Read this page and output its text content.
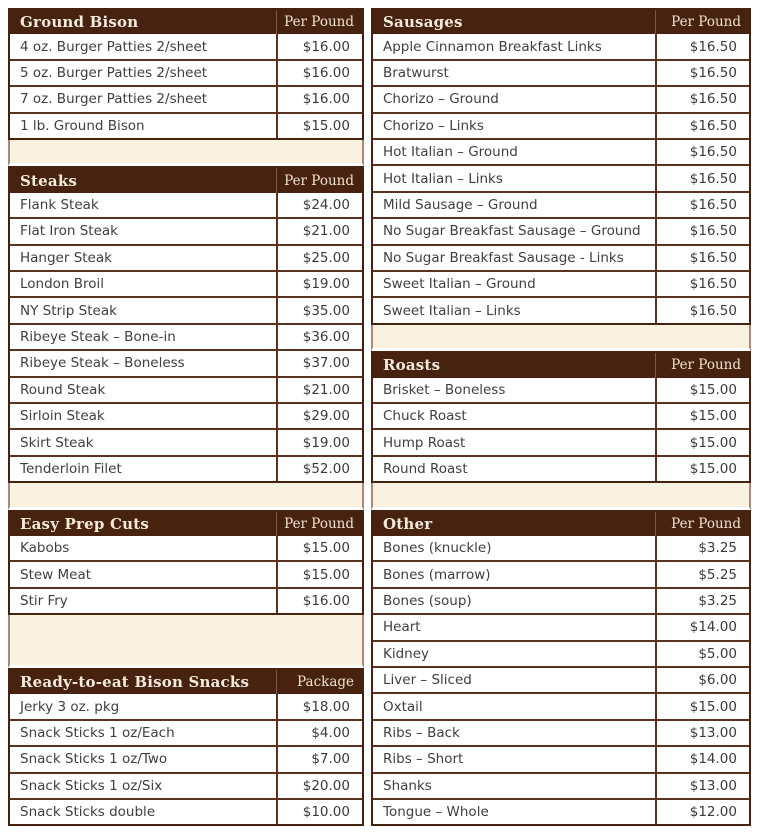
Ground Bison	Per Pound
4 oz. Burger Patties 2/sheet	$16.00
5 oz. Burger Patties 2/sheet	$16.00
7 oz. Burger Patties 2/sheet	$16.00
1 lb. Ground Bison	$15.00
Steaks	Per Pound
Flank Steak	$24.00
Flat Iron Steak	$21.00
Hanger Steak	$25.00
London Broil	$19.00
NY Strip Steak	$35.00
Ribeye Steak – Bone-in	$36.00
Ribeye Steak – Boneless	$37.00
Round Steak	$21.00
Sirloin Steak	$29.00
Skirt Steak	$19.00
Tenderloin Filet	$52.00
Easy Prep Cuts	Per Pound
Kabobs	$15.00
Stew Meat	$15.00
Stir Fry	$16.00
Ready-to-eat Bison Snacks	Package
Jerky 3 oz. pkg	$18.00
Snack Sticks 1 oz/Each	$4.00
Snack Sticks 1 oz/Two	$7.00
Snack Sticks 1 oz/Six	$20.00
Snack Sticks double	$10.00
Sausages	Per Pound
Apple Cinnamon Breakfast Links	$16.50
Bratwurst	$16.50
Chorizo – Ground	$16.50
Chorizo – Links	$16.50
Hot Italian – Ground	$16.50
Hot Italian – Links	$16.50
Mild Sausage – Ground	$16.50
No Sugar Breakfast Sausage – Ground	$16.50
No Sugar Breakfast Sausage - Links	$16.50
Sweet Italian – Ground	$16.50
Sweet Italian – Links	$16.50
Roasts	Per Pound
Brisket – Boneless	$15.00
Chuck Roast	$15.00
Hump Roast	$15.00
Round Roast	$15.00
Other	Per Pound
Bones (knuckle)	$3.25
Bones (marrow)	$5.25
Bones (soup)	$3.25
Heart	$14.00
Kidney	$5.00
Liver – Sliced	$6.00
Oxtail	$15.00
Ribs – Back	$13.00
Ribs – Short	$14.00
Shanks	$13.00
Tongue – Whole	$12.00
